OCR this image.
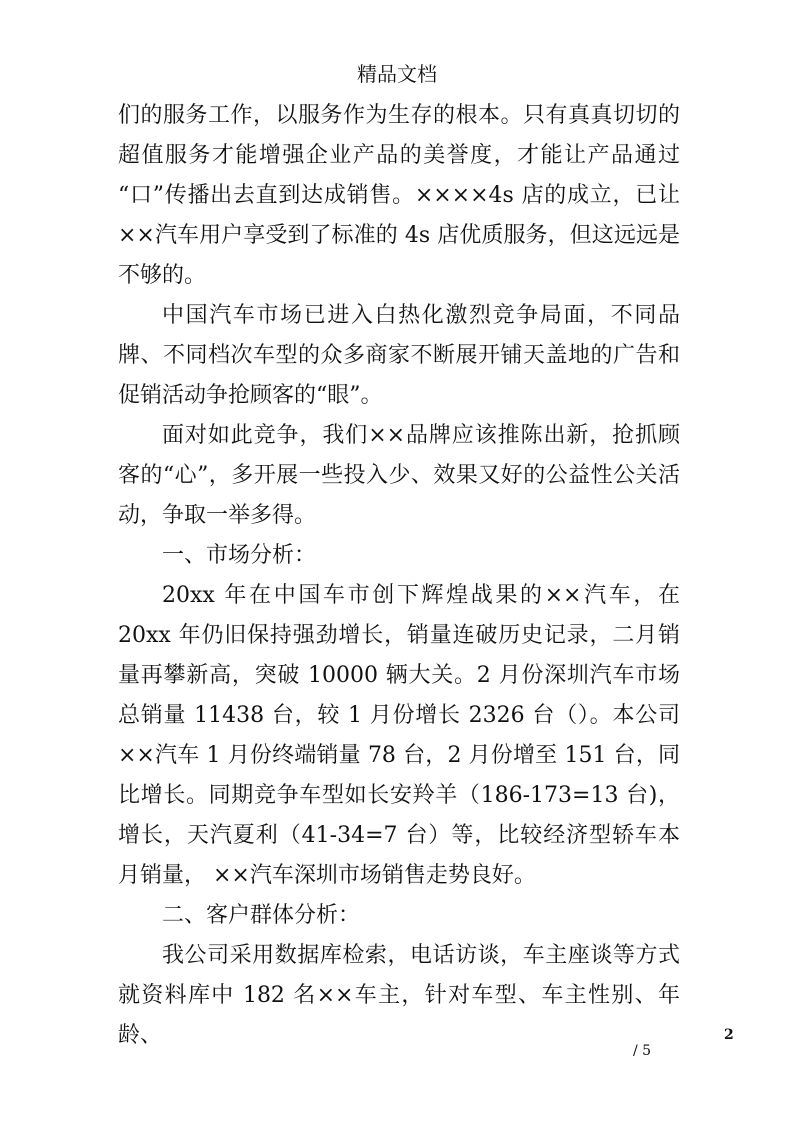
精品文档

们的服务工作，以服务作为生存的根本。只有真真切切的超值服务才能增强企业产品的美誉度，才能让产品通过 “口”传播出去直到达成销售。××××4s 店的成立，已让××汽车用户享受到了标准的 4s 店优质服务，但这远远是不够的。

中国汽车市场已进入白热化激烈竞争局面，不同品牌、不同档次车型的众多商家不断展开铺天盖地的广告和促销活动争抢顾客的“眼”。

面对如此竞争，我们××品牌应该推陈出新，抢抓顾客的“心”，多开展一些投入少、效果又好的公益性公关活动，争取一举多得。

一、市场分析：

20xx 年在中国车市创下辉煌战果的××汽车，在 20xx 年仍旧保持强劲增长，销量连破历史记录，二月销量再攀新高，突破 10000 辆大关。2 月份深圳汽车市场总销量 11438 台，较 1 月份增长 2326 台（）。本公司××汽车 1 月份终端销量 78 台，2 月份增至 151 台，同比增长。同期竞争车型如长安羚羊（186-173=13 台)，增长，天汽夏利（41-34=7 台）等，比较经济型轿车本月销量， ××汽车深圳市场销售走势良好。

二、客户群体分析：

我公司采用数据库检索，电话访谈，车主座谈等方式就资料库中 182 名××车主，针对车型、车主性别、年龄、	2
/ 5
